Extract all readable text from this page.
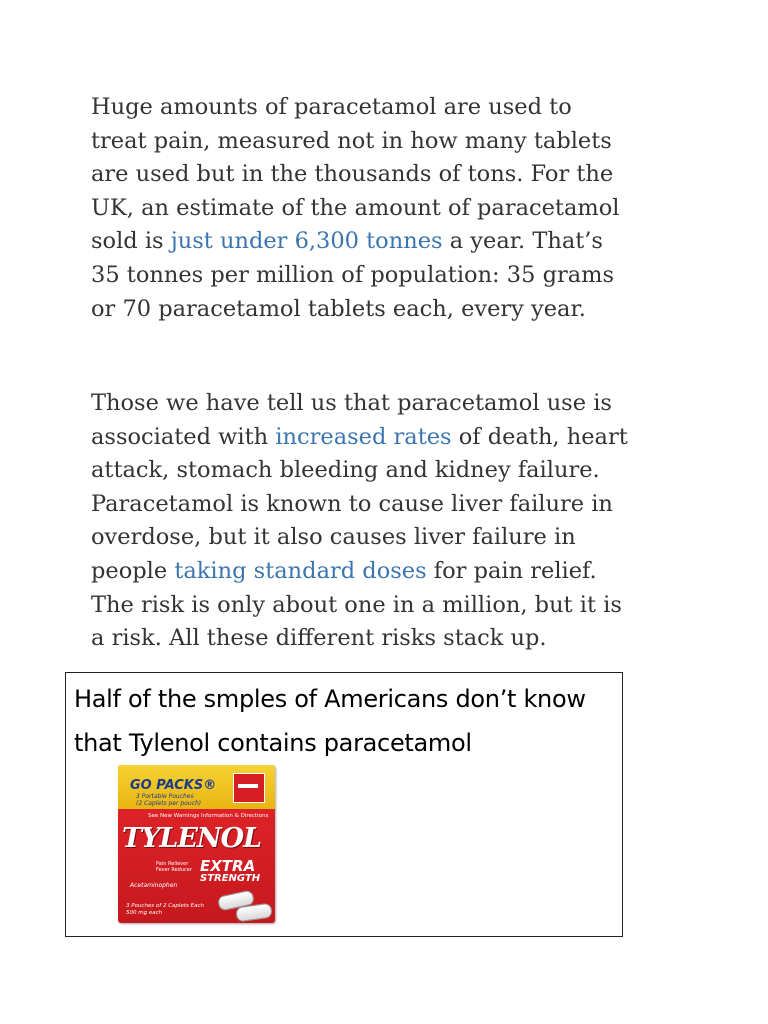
Huge amounts of paracetamol are used to
treat pain, measured not in how many tablets
are used but in the thousands of tons. For the
UK, an estimate of the amount of paracetamol
sold is just under 6,300 tonnes a year. That’s
35 tonnes per million of population: 35 grams
or 70 paracetamol tablets each, every year.
Those we have tell us that paracetamol use is
associated with increased rates of death, heart
attack, stomach bleeding and kidney failure.
Paracetamol is known to cause liver failure in
overdose, but it also causes liver failure in
people taking standard doses for pain relief.
The risk is only about one in a million, but it is
a risk. All these different risks stack up.
Half of the smples of Americans don’t know
that Tylenol contains paracetamol
GO PACKS®
3 Portable Pouches
(2 Caplets per pouch)
See New Warnings Information & Directions
TYLENOL
Pain Reliever
Fever Reducer EXTRA
STRENGTH
Acetaminophen
3 Pouches of 2 Caplets Each
500 mg each
